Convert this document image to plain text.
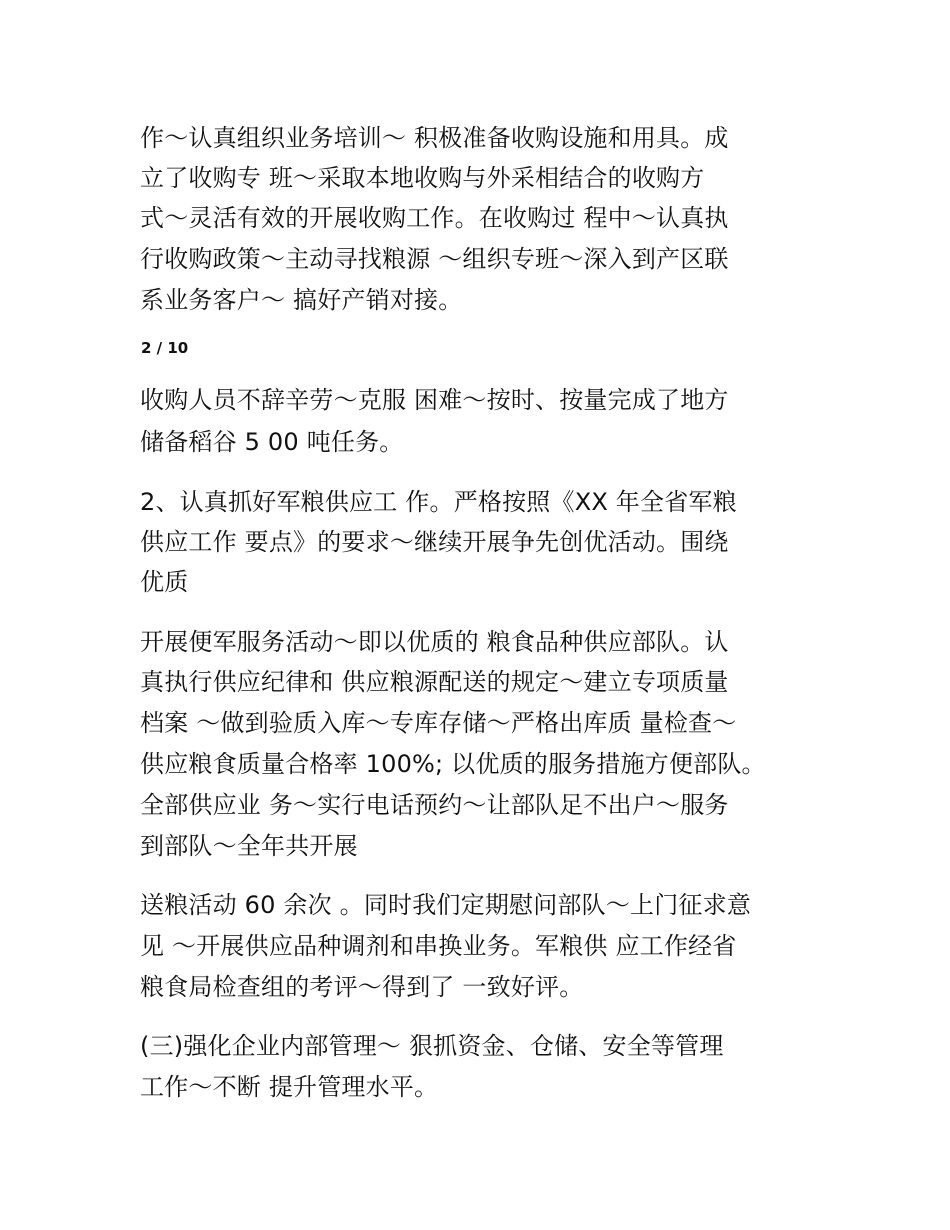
作～认真组织业务培训～ 积极准备收购设施和用具。成
立了收购专 班～采取本地收购与外采相结合的收购方
式～灵活有效的开展收购工作。在收购过 程中～认真执
行收购政策～主动寻找粮源 ～组织专班～深入到产区联
系业务客户～ 搞好产销对接。
2 / 10
收购人员不辞辛劳～克服 困难～按时、按量完成了地方
储备稻谷 5 00 吨任务。
2、认真抓好军粮供应工 作。严格按照《XX 年全省军粮
供应工作 要点》的要求～继续开展争先创优活动。围绕
优质
开展便军服务活动～即以优质的 粮食品种供应部队。认
真执行供应纪律和 供应粮源配送的规定～建立专项质量
档案 ～做到验质入库～专库存储～严格出库质 量检查～
供应粮食质量合格率 100%; 以优质的服务措施方便部队。
全部供应业 务～实行电话预约～让部队足不出户～服务
到部队～全年共开展
送粮活动 60 余次 。同时我们定期慰问部队～上门征求意
见 ～开展供应品种调剂和串换业务。军粮供 应工作经省
粮食局检查组的考评～得到了 一致好评。
(三)强化企业内部管理～ 狠抓资金、仓储、安全等管理
工作～不断 提升管理水平。
